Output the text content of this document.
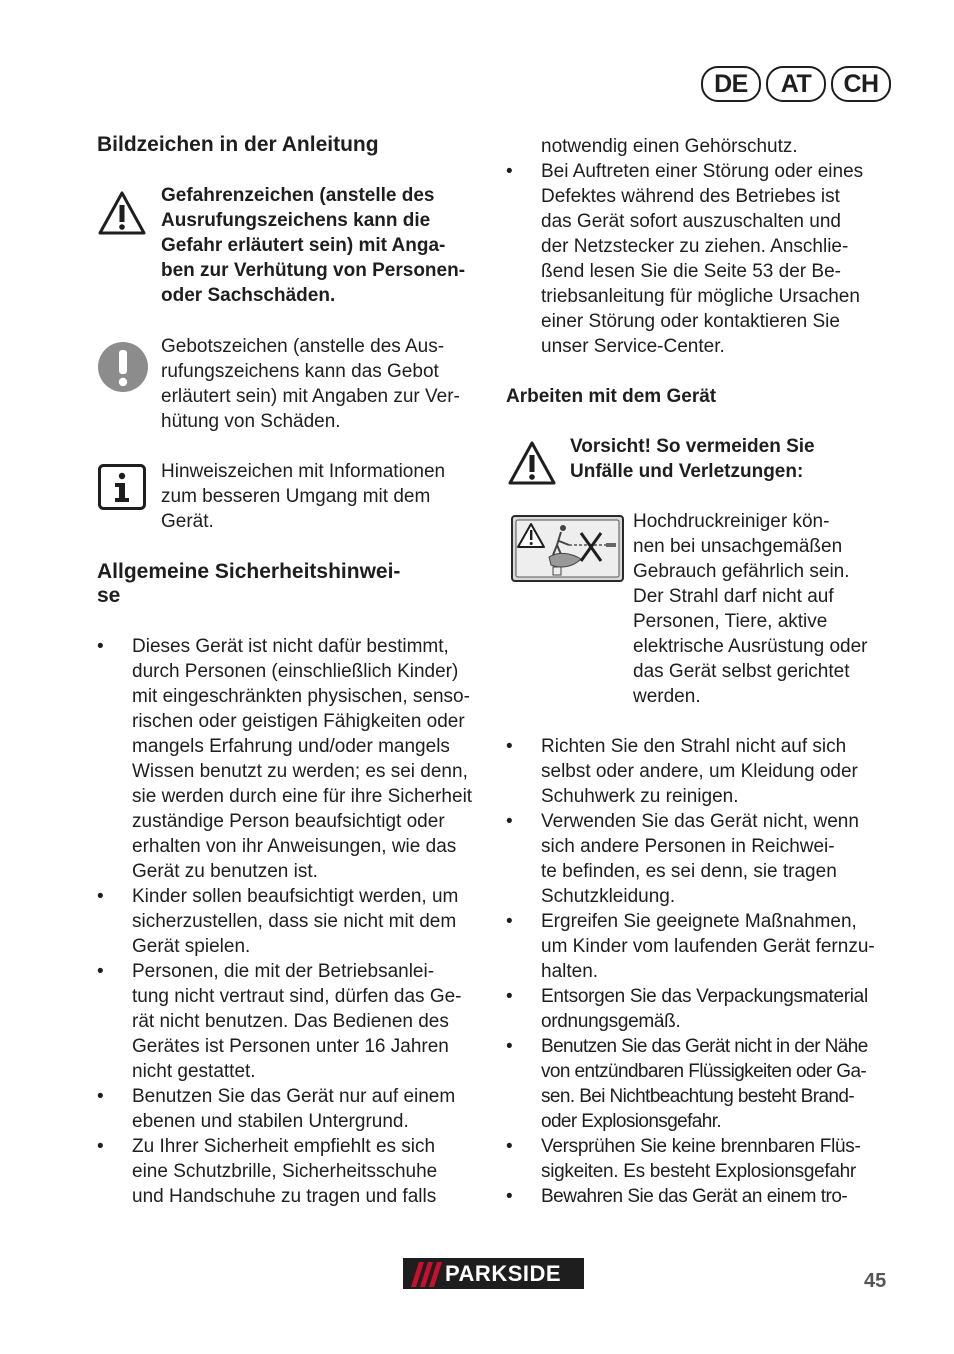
DE	AT	CH
Bildzeichen in der Anleitung
Gefahrenzeichen (anstelle des
Ausrufungszeichens kann die
Gefahr erläutert sein) mit Anga-
ben zur Verhütung von Personen-
oder Sachschäden.
Gebotszeichen (anstelle des Aus-
rufungszeichens kann das Gebot
erläutert sein) mit Angaben zur Ver-
hütung von Schäden.
Hinweiszeichen mit Informationen
zum besseren Umgang mit dem
Gerät.
Allgemeine Sicherheitshinwei-
se
• Dieses Gerät ist nicht dafür bestimmt,
durch Personen (einschließlich Kinder)
mit eingeschränkten physischen, senso-
rischen oder geistigen Fähigkeiten oder
mangels Erfahrung und/oder mangels
Wissen benutzt zu werden; es sei denn,
sie werden durch eine für ihre Sicherheit
zuständige Person beaufsichtigt oder
erhalten von ihr Anweisungen, wie das
Gerät zu benutzen ist.
• Kinder sollen beaufsichtigt werden, um
sicherzustellen, dass sie nicht mit dem
Gerät spielen.
• Personen, die mit der Betriebsanlei-
tung nicht vertraut sind, dürfen das Ge-
rät nicht benutzen. Das Bedienen des
Gerätes ist Personen unter 16 Jahren
nicht gestattet.
• Benutzen Sie das Gerät nur auf einem
ebenen und stabilen Untergrund.
• Zu Ihrer Sicherheit empfiehlt es sich
eine Schutzbrille, Sicherheitsschuhe
und Handschuhe zu tragen und falls
notwendig einen Gehörschutz.
• Bei Auftreten einer Störung oder eines
Defektes während des Betriebes ist
das Gerät sofort auszuschalten und
der Netzstecker zu ziehen. Anschlie-
ßend lesen Sie die Seite 53 der Be-
triebsanleitung für mögliche Ursachen
einer Störung oder kontaktieren Sie
unser Service-Center.
Arbeiten mit dem Gerät
Vorsicht! So vermeiden Sie
Unfälle und Verletzungen:
Hochdruckreiniger kön-
nen bei unsachgemäßen
Gebrauch gefährlich sein.
Der Strahl darf nicht auf
Personen, Tiere, aktive
elektrische Ausrüstung oder
das Gerät selbst gerichtet
werden.
• Richten Sie den Strahl nicht auf sich
selbst oder andere, um Kleidung oder
Schuhwerk zu reinigen.
• Verwenden Sie das Gerät nicht, wenn
sich andere Personen in Reichwei-
te befinden, es sei denn, sie tragen
Schutzkleidung.
• Ergreifen Sie geeignete Maßnahmen,
um Kinder vom laufenden Gerät fernzu-
halten.
• Entsorgen Sie das Verpackungsmaterial
ordnungsgemäß.
• Benutzen Sie das Gerät nicht in der Nähe
von entzündbaren Flüssigkeiten oder Ga-
sen. Bei Nichtbeachtung besteht Brand-
oder Explosionsgefahr.
• Versprühen Sie keine brennbaren Flüs-
sigkeiten. Es besteht Explosionsgefahr
• Bewahren Sie das Gerät an einem tro-
PARKSIDE	45
